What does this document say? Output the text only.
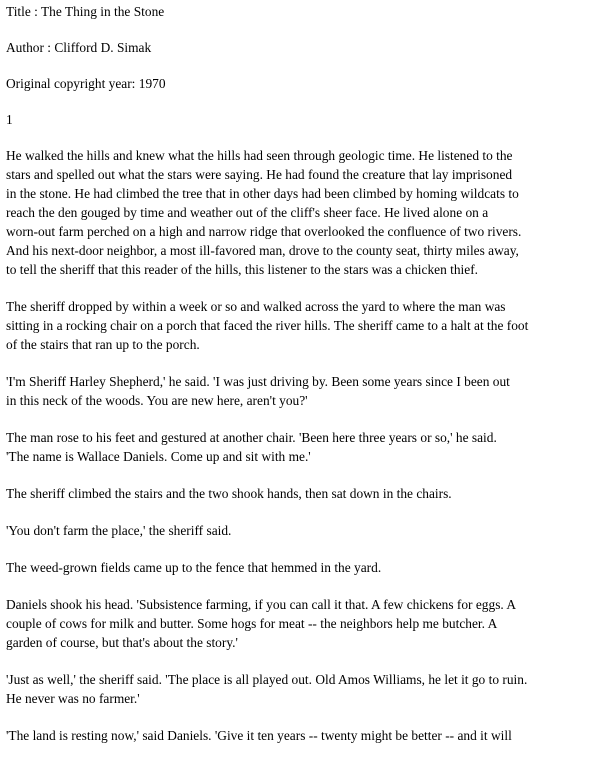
Title : The Thing in the Stone

Author : Clifford D. Simak

Original copyright year: 1970

1

He walked the hills and knew what the hills had seen through geologic time. He listened to the
stars and spelled out what the stars were saying. He had found the creature that lay imprisoned
in the stone. He had climbed the tree that in other days had been climbed by homing wildcats to
reach the den gouged by time and weather out of the cliff's sheer face. He lived alone on a
worn-out farm perched on a high and narrow ridge that overlooked the confluence of two rivers.
And his next-door neighbor, a most ill-favored man, drove to the county seat, thirty miles away,
to tell the sheriff that this reader of the hills, this listener to the stars was a chicken thief.

The sheriff dropped by within a week or so and walked across the yard to where the man was
sitting in a rocking chair on a porch that faced the river hills. The sheriff came to a halt at the foot
of the stairs that ran up to the porch.

'I'm Sheriff Harley Shepherd,' he said. 'I was just driving by. Been some years since I been out
in this neck of the woods. You are new here, aren't you?'

The man rose to his feet and gestured at another chair. 'Been here three years or so,' he said.
'The name is Wallace Daniels. Come up and sit with me.'

The sheriff climbed the stairs and the two shook hands, then sat down in the chairs.

'You don't farm the place,' the sheriff said.

The weed-grown fields came up to the fence that hemmed in the yard.

Daniels shook his head. 'Subsistence farming, if you can call it that. A few chickens for eggs. A
couple of cows for milk and butter. Some hogs for meat -- the neighbors help me butcher. A
garden of course, but that's about the story.'

'Just as well,' the sheriff said. 'The place is all played out. Old Amos Williams, he let it go to ruin.
He never was no farmer.'

'The land is resting now,' said Daniels. 'Give it ten years -- twenty might be better -- and it will
